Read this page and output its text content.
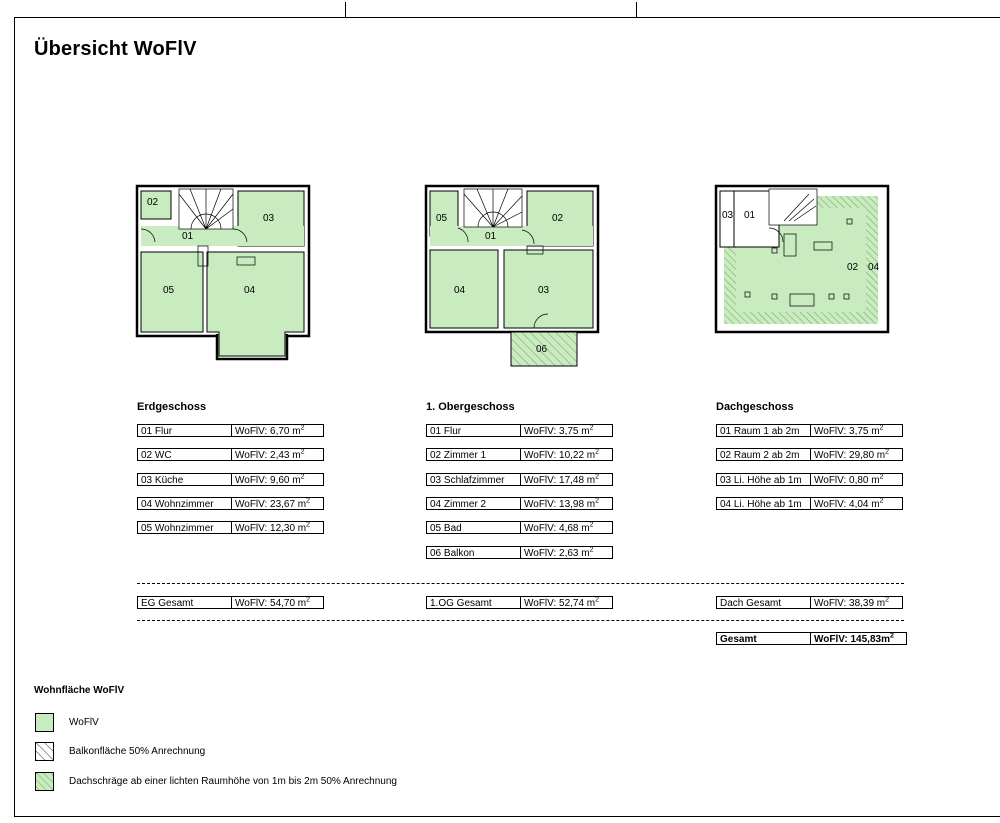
Übersicht WoFlV
02
03
01
05	04
05	02
01
04	03
06
03 01
02 04
Erdgeschoss	1. Obergeschoss	Dachgeschoss
01 Flur	WoFlV: 6,70 $m^2$
02 WC	WoFlV: 2,43 $m^2$
03 Küche	WoFlV: 9,60 $m^2$
04 Wohnzimmer	WoFlV: 23,67 $m^2$
05 Wohnzimmer	WoFlV: 12,30 $m^2$
01 Flur	WoFlV: 3,75 $m^2$
02 Zimmer 1	WoFlV: 10,22 $m^2$
03 Schlafzimmer	WoFlV: 17,48 $m^2$
04 Zimmer 2	WoFlV: 13,98 $m^2$
05 Bad	WoFlV: 4,68 $m^2$
06 Balkon	WoFlV: 2,63 $m^2$
01 Raum 1 ab 2m	WoFlV: 3,75 $m^2$
02 Raum 2 ab 2m	WoFlV: 29,80 $m^2$
03 Li. Höhe ab 1m	WoFlV: 0,80 $m^2$
04 Li. Höhe ab 1m	WoFlV: 4,04 $m^2$
EG Gesamt	WoFlV: 54,70 $m^2$	1.OG Gesamt	WoFlV: 52,74 $m^2$	Dach Gesamt	WoFlV: 38,39 $m^2$
Gesamt	WoFlV: $145,83m^2$
Wohnfläche WoFlV
WoFlV
Balkonfläche 50% Anrechnung
Dachschräge ab einer lichten Raumhöhe von 1m bis 2m 50% Anrechnung
